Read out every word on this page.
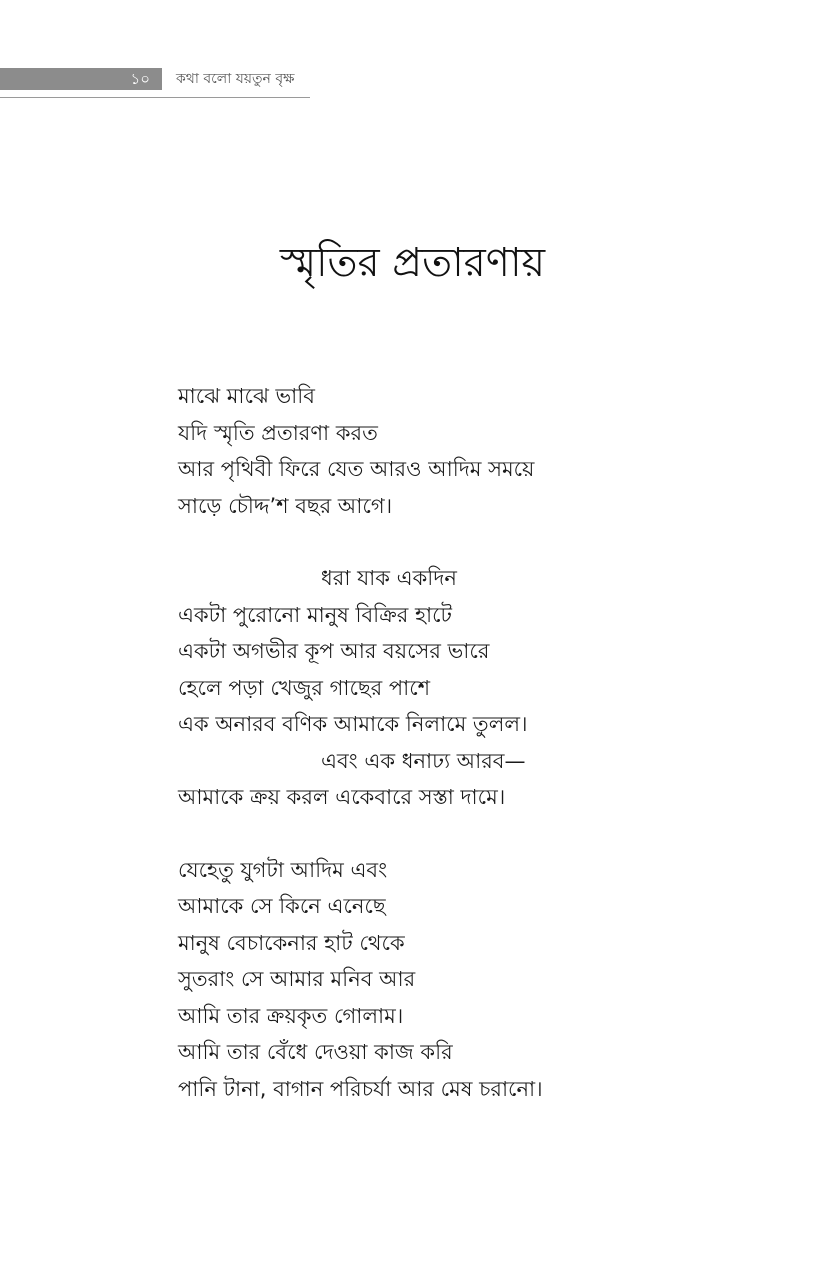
১০ কথা বলো যয়তুন বৃক্ষ
স্মৃতির প্রতারণায়
মাঝে মাঝে ভাবি
যদি স্মৃতি প্রতারণা করত
আর পৃথিবী ফিরে যেত আরও আদিম সময়ে
সাড়ে চৌদ্দ’শ বছর আগে।
ধরা যাক একদিন
একটা পুরোনো মানুষ বিক্রির হাটে
একটা অগভীর কূপ আর বয়সের ভারে
হেলে পড়া খেজুর গাছের পাশে
এক অনারব বণিক আমাকে নিলামে তুলল।
এবং এক ধনাঢ্য আরব—
আমাকে ক্রয় করল একেবারে সস্তা দামে।
যেহেতু যুগটা আদিম এবং
আমাকে সে কিনে এনেছে
মানুষ বেচাকেনার হাট থেকে
সুতরাং সে আমার মনিব আর
আমি তার ক্রয়কৃত গোলাম।
আমি তার বেঁধে দেওয়া কাজ করি
পানি টানা, বাগান পরিচর্যা আর মেষ চরানো।
